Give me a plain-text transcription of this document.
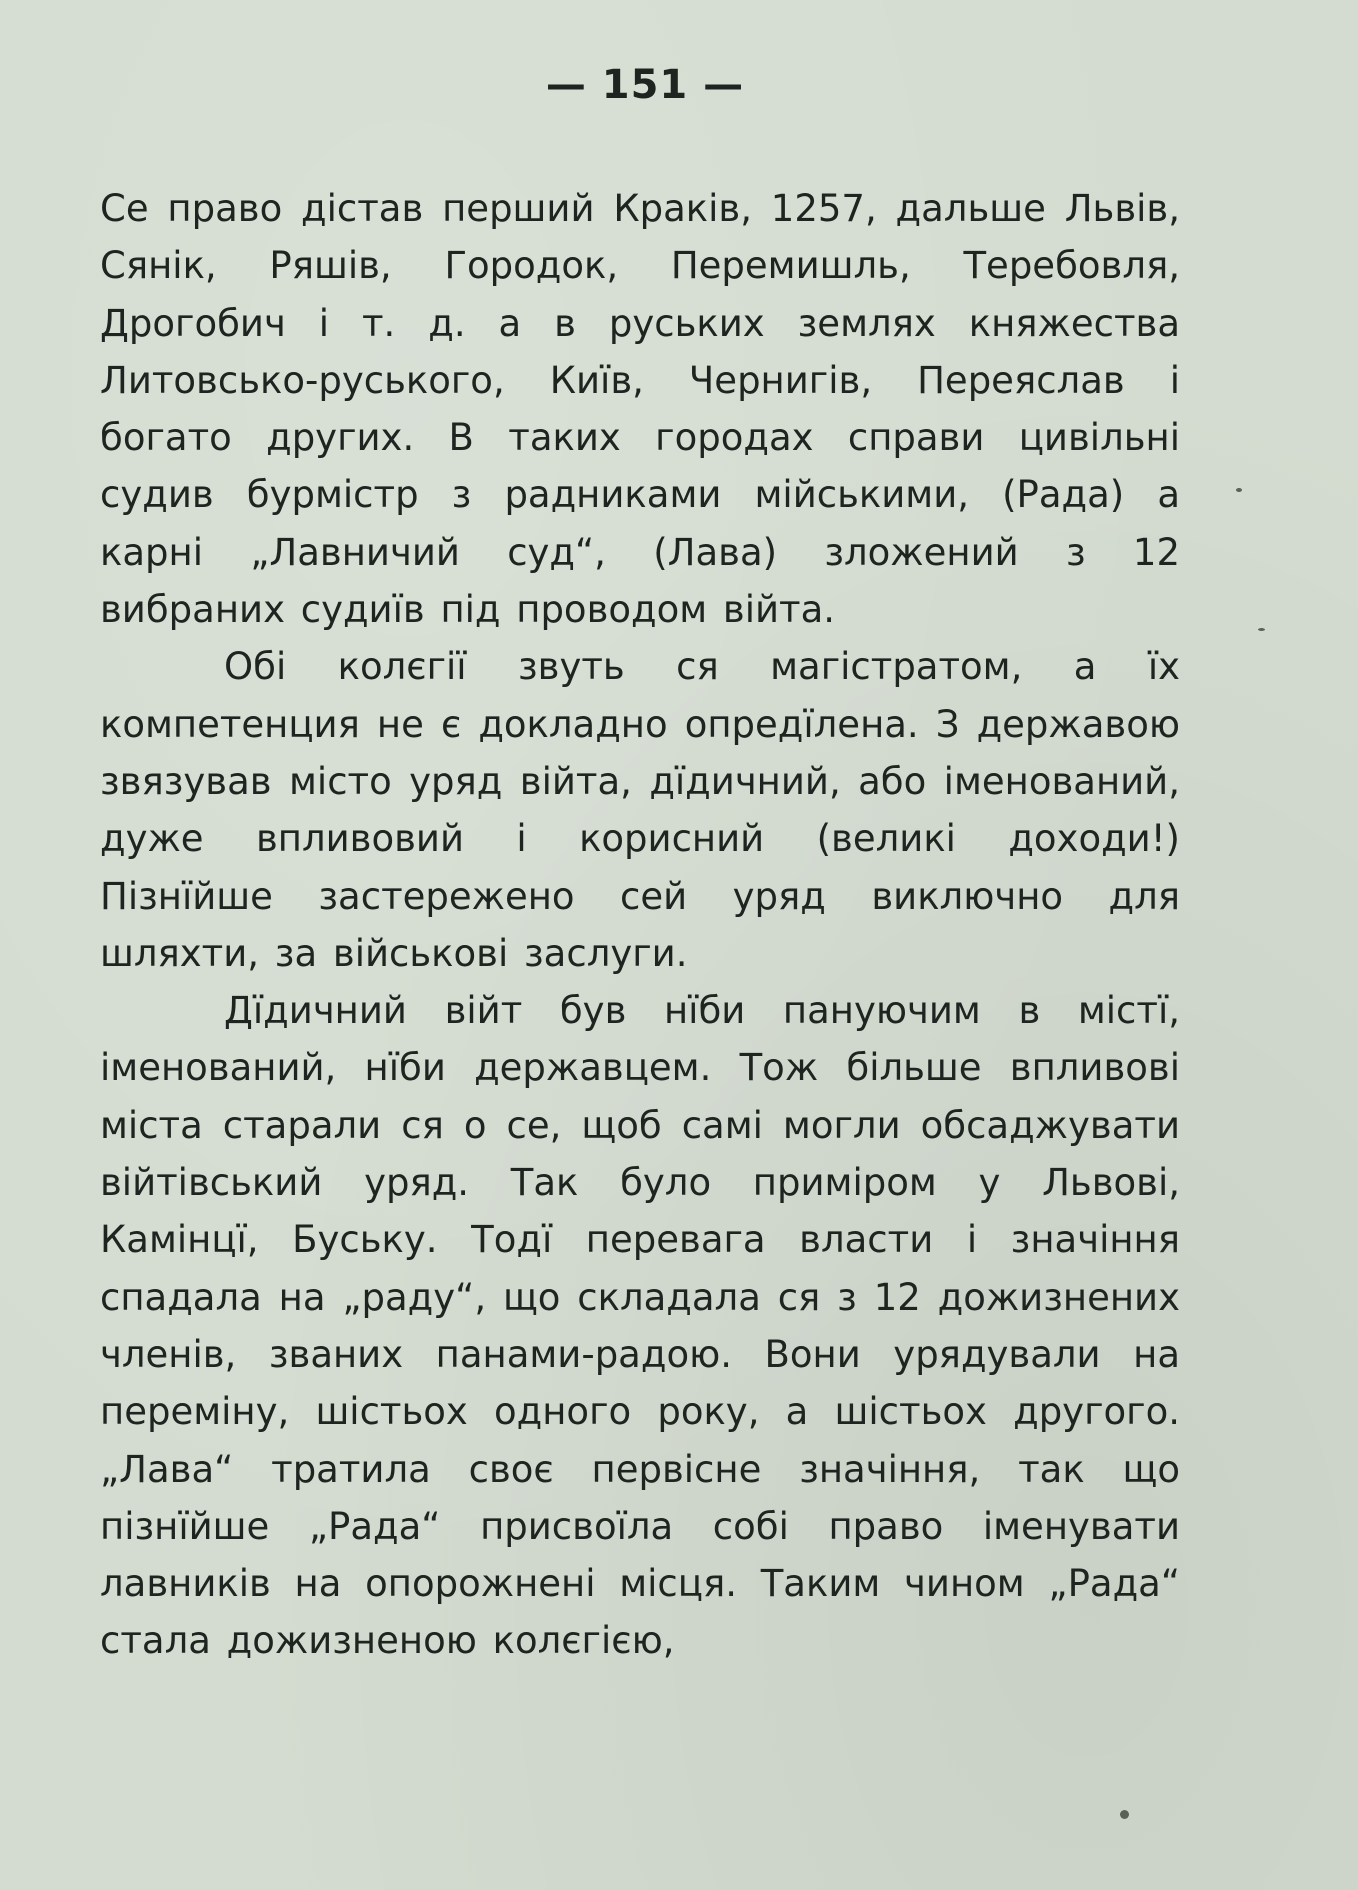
— 151 —

Се право дістав перший Краків, 1257, дальше Львів, Сянік, Ряшів, Городок, Перемишль, Теребовля, Дрогобич і т. д. а в руських землях княжества Литовсько-руського, Київ, Чернигів, Переяслав і богато других. В таких городах справи цивільні судив бурмістр з радниками мійськими, (Рада) а карні „Лавничий суд“, (Лава) зложений з 12 вибраних судиїв під проводом війта.

Обі колєгії звуть ся магістратом, а їх компетенция не є докладно опредїлена. З державою звязував місто уряд війта, дїдичний, або іменований, дуже впливовий і корисний (великі доходи!) Пізнїйше застережено сей уряд виключно для шляхти, за військові заслуги.

Дїдичний війт був нїби пануючим в містї, іменований, нїби державцем. Тож більше впливові міста старали ся о се, щоб самі могли обсаджувати війтівський уряд. Так було приміром у Львові, Камінцї, Буську. Тодї перевага власти і значіння спадала на „раду“, що складала ся з 12 дожизнених членів, званих панами-радою. Вони урядували на переміну, шістьох одного року, а шістьох другого. „Лава“ тратила своє первісне значіння, так що пізнїйше „Рада“ присвоїла собі право іменувати лавників на опорожнені місця. Таким чином „Рада“ стала дожизненою колєгією,
